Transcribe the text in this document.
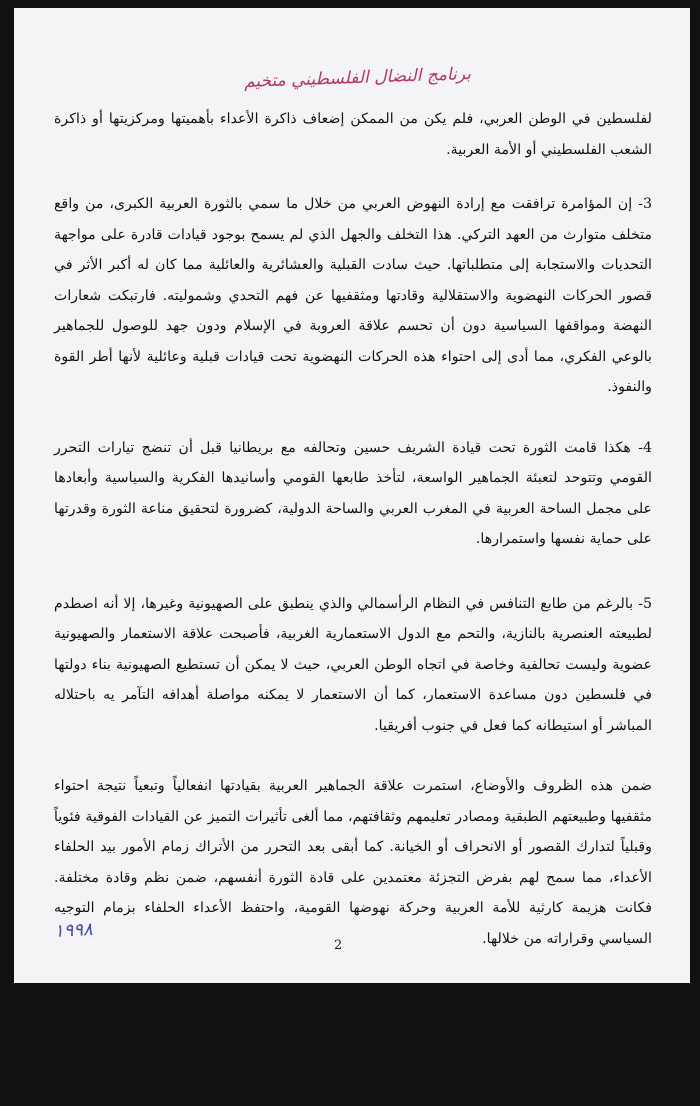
برنامج النضال الفلسطيني متخيم

لفلسطين في الوطن العربي، فلم يكن من الممكن إضعاف ذاكرة الأعداء بأهميتها ومركزيتها أو ذاكرة الشعب الفلسطيني أو الأمة العربية.

3- إن المؤامرة ترافقت مع إرادة النهوض العربي من خلال ما سمي بالثورة العربية الكبرى، من واقع متخلف متوارث من العهد التركي. هذا التخلف والجهل الذي لم يسمح بوجود قيادات قادرة على مواجهة التحديات والاستجابة إلى متطلباتها. حيث سادت القبلية والعشائرية والعائلية مما كان له أكبر الأثر في قصور الحركات النهضوية والاستقلالية وقادتها ومثقفيها عن فهم التحدي وشموليته. فارتبكت شعارات النهضة ومواقفها السياسية دون أن تحسم علاقة العروبة في الإسلام ودون جهد للوصول للجماهير بالوعي الفكري، مما أدى إلى احتواء هذه الحركات النهضوية تحت قيادات قبلية وعائلية لأنها أطر القوة والنفوذ.

4- هكذا قامت الثورة تحت قيادة الشريف حسين وتحالفه مع بريطانيا قبل أن تنضج تيارات التحرر القومي وتتوحد لتعبئة الجماهير الواسعة، لتأخذ طابعها القومي وأسانيدها الفكرية والسياسية وأبعادها على مجمل الساحة العربية في المغرب العربي والساحة الدولية، كضرورة لتحقيق مناعة الثورة وقدرتها على حماية نفسها واستمرارها.

5- بالرغم من طابع التنافس في النظام الرأسمالي والذي ينطبق على الصهيونية وغيرها، إلا أنه اصطدم لطبيعته العنصرية بالنازية، والتحم مع الدول الاستعمارية الغربية، فأصبحت علاقة الاستعمار والصهيونية عضوية وليست تحالفية وخاصة في اتجاه الوطن العربي، حيث لا يمكن أن تستطيع الصهيونية بناء دولتها في فلسطين دون مساعدة الاستعمار، كما أن الاستعمار لا يمكنه مواصلة أهدافه التآمر يه باحتلاله المباشر أو استيطانه كما فعل في جنوب أفريقيا.

ضمن هذه الظروف والأوضاع، استمرت علاقة الجماهير العربية بقيادتها انفعالياً وتبعياً نتيجة احتواء مثقفيها وطبيعتهم الطبقية ومصادر تعليمهم وثقافتهم، مما ألغى تأثيرات التميز عن القيادات الفوقية فئوياً وقبلياً لتدارك القصور أو الانحراف أو الخيانة. كما أبقى بعد التحرر من الأتراك زمام الأمور بيد الحلفاء الأعداء، مما سمح لهم بفرض التجزئة معتمدين على قادة الثورة أنفسهم، ضمن نظم وقادة مختلفة. فكانت هزيمة كارثية للأمة العربية وحركة نهوضها القومية، واحتفظ الأعداء الحلفاء بزمام التوجيه السياسي وقراراته من خلالها.

من كل ما حدث ومن خلاله امتلك الأعداء الفرصة لتمرير مؤامرتهم على الجزء الأهم خطوة بعد خطوة في السماح للهجرة لفلسطين وتمليك الأرض وتوسع الاستيطان والتغطية على كل ذلك بلجان ومفاوضات واقتراحات استهلكت الكثير من وقت وجهد القيادة الفلسطينية على حساب اهتمامهم بمتابعة النضال الشعبي بمختلف الأساليب والشعارات

١٩٩٨
2
